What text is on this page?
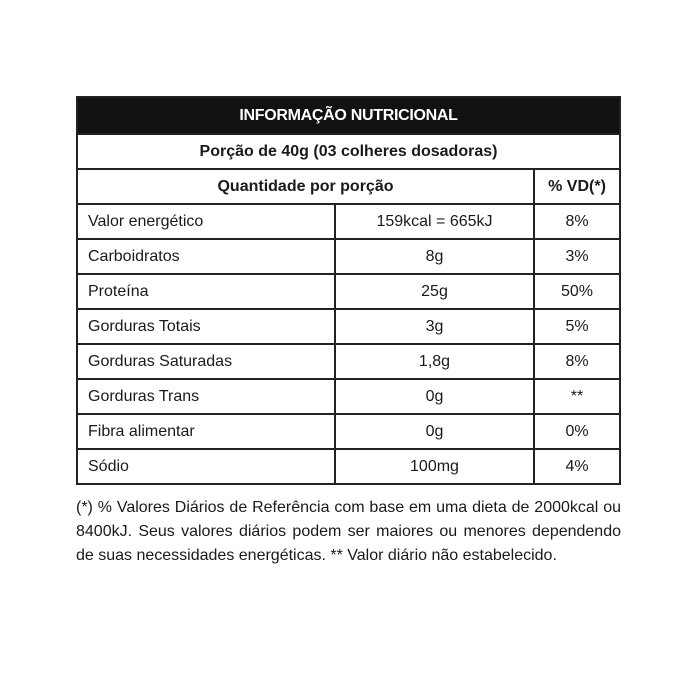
INFORMAÇÃO NUTRICIONAL		
Porção de 40g (03 colheres dosadoras)		
Quantidade por porção		% VD(*)
Valor energético	159kcal = 665kJ	8%
Carboidratos	8g	3%
Proteína	25g	50%
Gorduras Totais	3g	5%
Gorduras Saturadas	1,8g	8%
Gorduras Trans	0g	**
Fibra alimentar	0g	0%
Sódio	100mg	4%
(*) % Valores Diários de Referência com base em uma dieta de 2000kcal ou 8400kJ. Seus valores diários podem ser maiores ou menores dependendo de suas necessidades energéticas. ** Valor diário não estabelecido.
